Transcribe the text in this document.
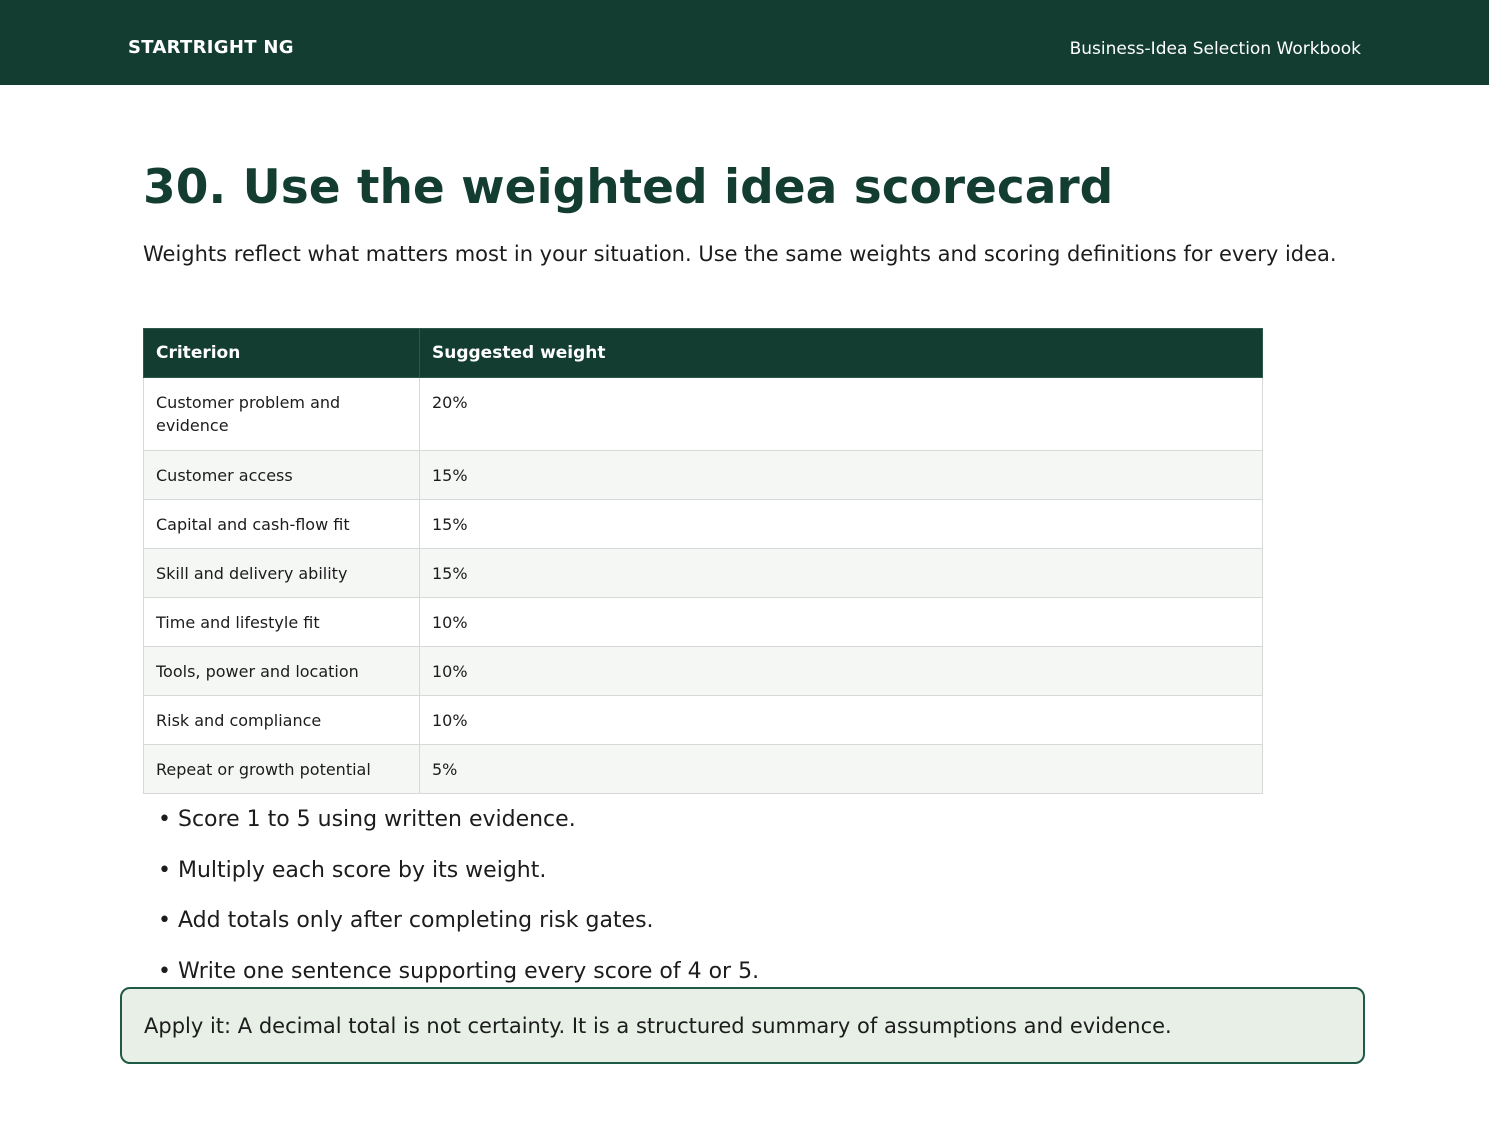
STARTRIGHT NG	Business-Idea Selection Workbook
30. Use the weighted idea scorecard

Weights reflect what matters most in your situation. Use the same weights and scoring definitions for every idea.

Criterion	Suggested weight
Customer problem and evidence	20%
Customer access	15%
Capital and cash-flow fit	15%
Skill and delivery ability	15%
Time and lifestyle fit	10%
Tools, power and location	10%
Risk and compliance	10%
Repeat or growth potential	5%
• Score 1 to 5 using written evidence.
• Multiply each score by its weight.
• Add totals only after completing risk gates.
• Write one sentence supporting every score of 4 or 5.
Apply it: A decimal total is not certainty. It is a structured summary of assumptions and evidence.
